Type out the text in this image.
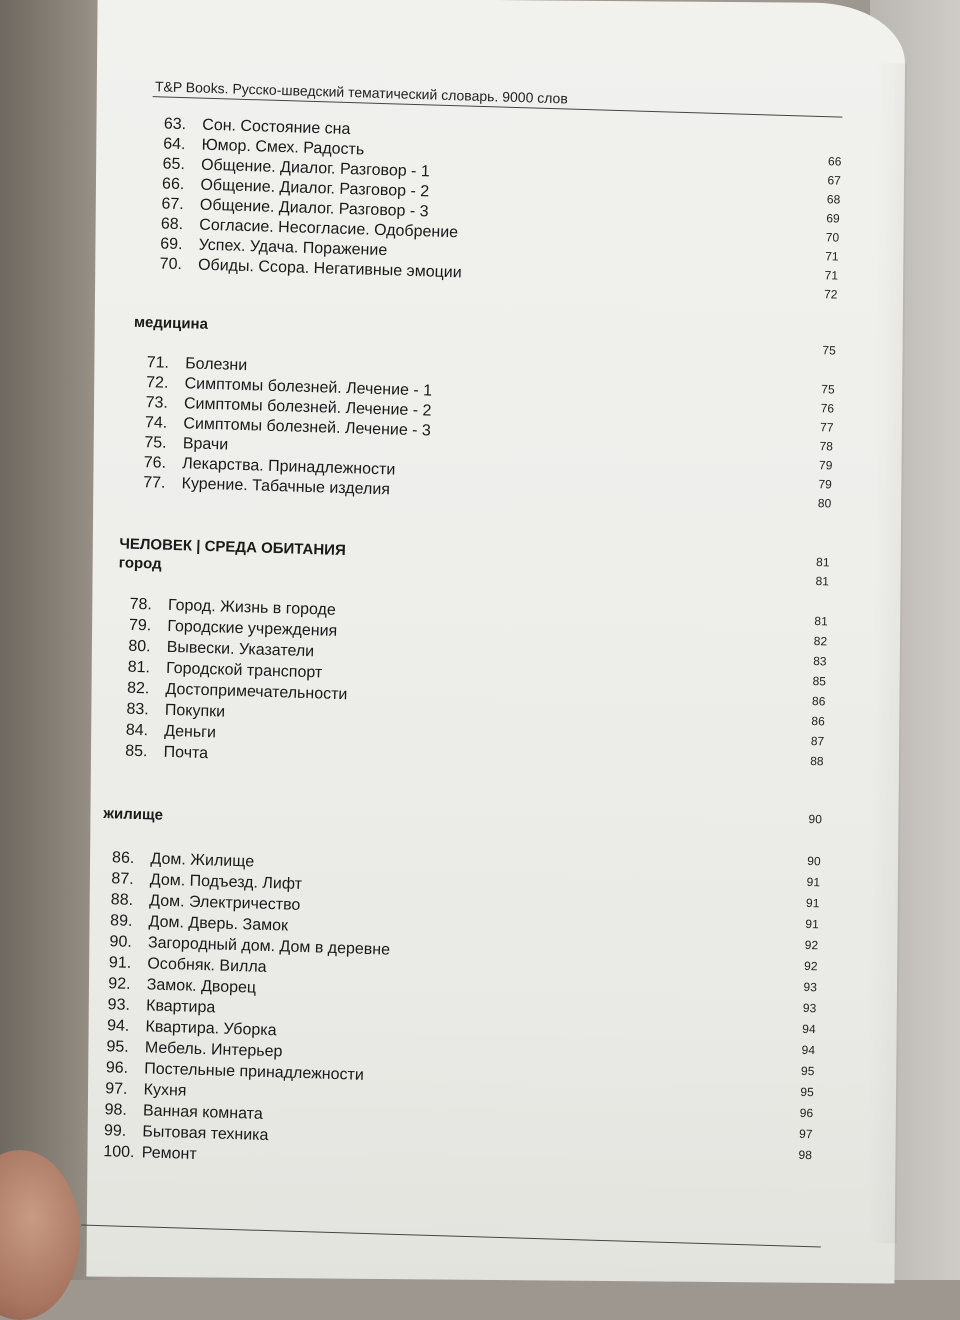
T&P Books. Русско-шведский тематический словарь. 9000 слов
63. Сон. Состояние сна
64. Юмор. Смех. Радость
65. Общение. Диалог. Разговор - 1
66. Общение. Диалог. Разговор - 2
67. Общение. Диалог. Разговор - 3
68. Согласие. Несогласие. Одобрение
69. Успех. Удача. Поражение
70. Обиды. Ссора. Негативные эмоции
медицина
71. Болезни
72. Симптомы болезней. Лечение - 1
73. Симптомы болезней. Лечение - 2
74. Симптомы болезней. Лечение - 3
75. Врачи
76. Лекарства. Принадлежности
77. Курение. Табачные изделия
ЧЕЛОВЕК | СРЕДА ОБИТАНИЯ
город
78. Город. Жизнь в городе
79. Городские учреждения
80. Вывески. Указатели
81. Городской транспорт
82. Достопримечательности
83. Покупки
84. Деньги
85. Почта
жилище
86. Дом. Жилище
87. Дом. Подъезд. Лифт
88. Дом. Электричество
89. Дом. Дверь. Замок
90. Загородный дом. Дом в деревне
91. Особняк. Вилла
92. Замок. Дворец
93. Квартира
94. Квартира. Уборка
95. Мебель. Интерьер
96. Постельные принадлежности
97. Кухня
98. Ванная комната
99. Бытовая техника
100. Ремонт
66
67
68
69
70
71
71
72
75
75
76
77
78
79
79
80
81
81
81
82
83
85
86
86
87
88
90
90
91
91
91
92
92
93
93
94
94
95
95
96
97
98
